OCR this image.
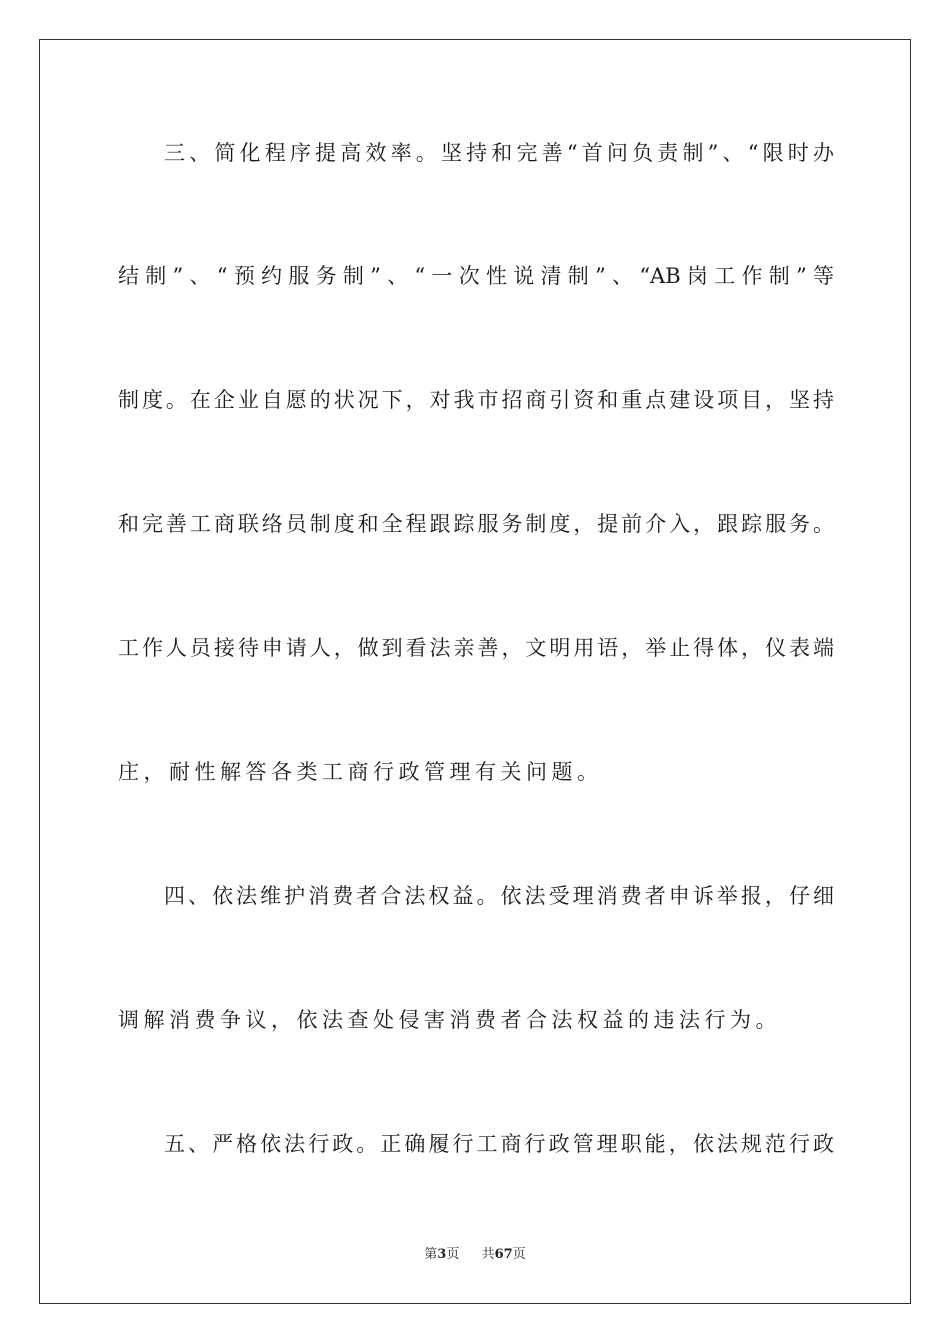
三、简化程序提高效率。坚持和完善“首问负责制”、“限时办
结制”、“预约服务制”、“一次性说清制”、“AB岗工作制”等
制度。在企业自愿的状况下，对我市招商引资和重点建设项目，坚持
和完善工商联络员制度和全程跟踪服务制度，提前介入，跟踪服务。
工作人员接待申请人，做到看法亲善，文明用语，举止得体，仪表端
庄，耐性解答各类工商行政管理有关问题。
四、依法维护消费者合法权益。依法受理消费者申诉举报，仔细
调解消费争议，依法查处侵害消费者合法权益的违法行为。
五、严格依法行政。正确履行工商行政管理职能，依法规范行政
第3页 共67页
